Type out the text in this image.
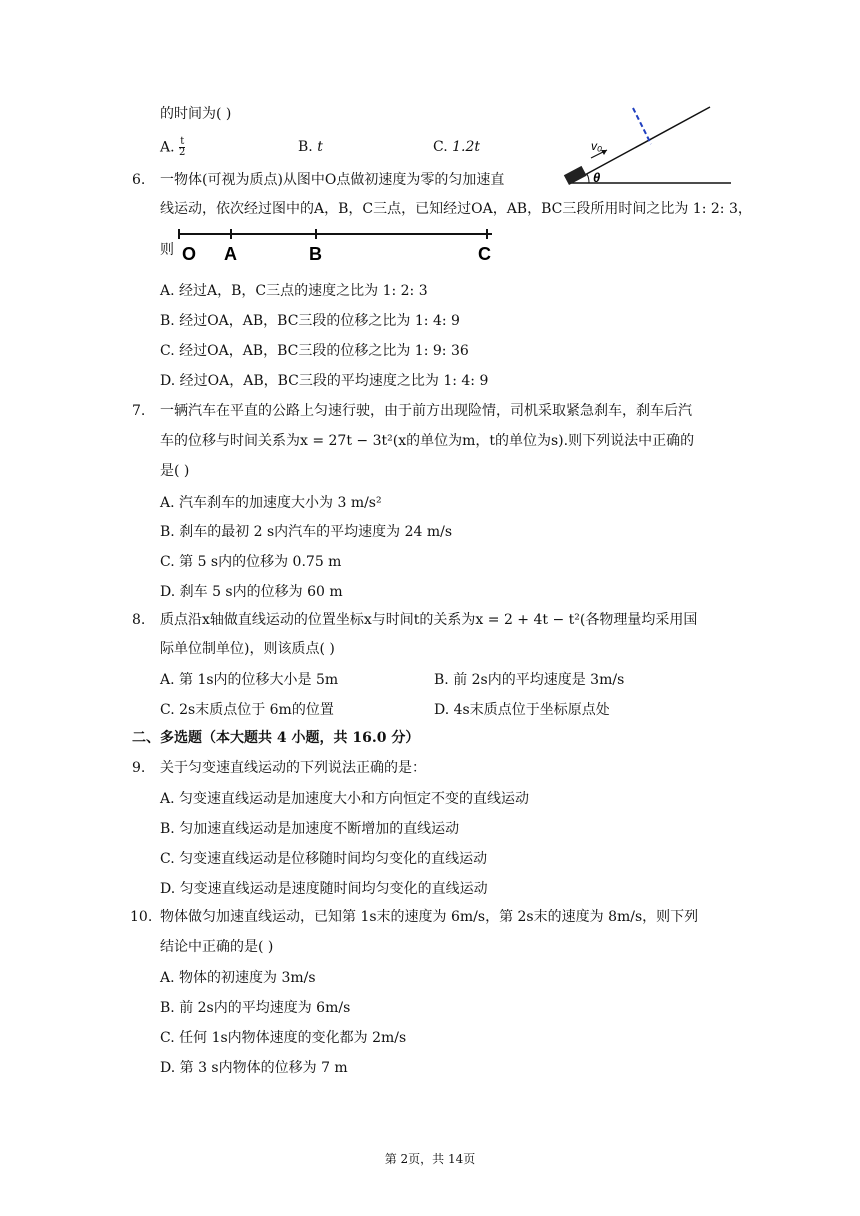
的时间为( )
A. $\frac{t}{2}$	B. t	C. 1.2t	v₀
θ
6.	一物体(可视为质点)从图中O点做初速度为零的匀加速直
线运动，依次经过图中的A，B，C三点，已知经过OA，AB，BC三段所用时间之比为 1: 2: 3，
则 O A	B	C
A. 经过A，B，C三点的速度之比为 1: 2: 3
B. 经过OA，AB，BC三段的位移之比为 1: 4: 9
C. 经过OA，AB，BC三段的位移之比为 1: 9: 36
D. 经过OA，AB，BC三段的平均速度之比为 1: 4: 9
7.	一辆汽车在平直的公路上匀速行驶，由于前方出现险情，司机采取紧急刹车，刹车后汽
车的位移与时间关系为x = 27t − 3t²(x的单位为m，t的单位为s).则下列说法中正确的
是( )
A. 汽车刹车的加速度大小为 3 m/s²
B. 刹车的最初 2 s内汽车的平均速度为 24 m/s
C. 第 5 s内的位移为 0.75 m
D. 刹车 5 s内的位移为 60 m
8.	质点沿x轴做直线运动的位置坐标x与时间t的关系为x = 2 + 4t − t²(各物理量均采用国
际单位制单位)，则该质点( )
A. 第 1s内的位移大小是 5m	B. 前 2s内的平均速度是 3m/s
C. 2s末质点位于 6m的位置	D. 4s末质点位于坐标原点处
二、多选题（本大题共 4 小题，共 16.0 分）
9.	关于匀变速直线运动的下列说法正确的是：
A. 匀变速直线运动是加速度大小和方向恒定不变的直线运动
B. 匀加速直线运动是加速度不断增加的直线运动
C. 匀变速直线运动是位移随时间均匀变化的直线运动
D. 匀变速直线运动是速度随时间均匀变化的直线运动
10. 物体做匀加速直线运动，已知第 1s末的速度为 6m/s，第 2s末的速度为 8m/s，则下列
结论中正确的是( )
A. 物体的初速度为 3m/s
B. 前 2s内的平均速度为 6m/s
C. 任何 1s内物体速度的变化都为 2m/s
D. 第 3 s内物体的位移为 7 m
第 2页，共 14页
